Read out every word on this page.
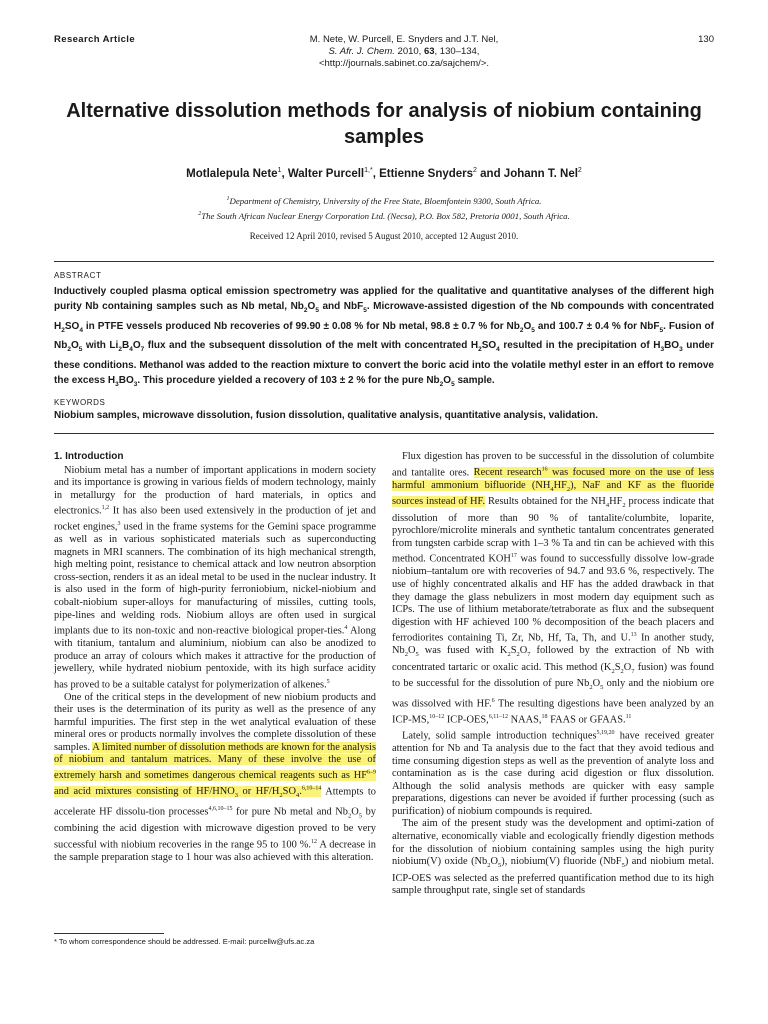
Research Article	M. Nete, W. Purcell, E. Snyders and J.T. Nel,
S. Afr. J. Chem. 2010, 63, 130–134,
<http://journals.sabinet.co.za/sajchem/>.
130
Alternative dissolution methods for analysis of niobium containing samples
Motlalepula Nete$^1$, Walter Purcell$^{1,*}$, Ettienne Snyders$^2$ and Johann T. Nel$^2$
$^1$Department of Chemistry, University of the Free State, Bloemfontein 9300, South Africa.
$^2$The South African Nuclear Energy Corporation Ltd. (Necsa), P.O. Box 582, Pretoria 0001, South Africa.
Received 12 April 2010, revised 5 August 2010, accepted 12 August 2010.
ABSTRACT
Inductively coupled plasma optical emission spectrometry was applied for the qualitative and quantitative analyses of the different high purity Nb containing samples such as Nb metal, $Nb_2O_5$ and NbF$_5$. Microwave-assisted digestion of the Nb compounds with concentrated $H_2SO_4$ in PTFE vessels produced Nb recoveries of 99.90 ± 0.08 % for Nb metal, 98.8 ± 0.7 % for $Nb_2O_5$ and 100.7 ± 0.4 % for NbF$_5$. Fusion of $Nb_2O_5$ with $Li_2B_4O_7$ flux and the subsequent dissolution of the melt with concentrated $H_2SO_4$ resulted in the precipitation of $H_3BO_3$ under these conditions. Methanol was added to the reaction mixture to convert the boric acid into the volatile methyl ester in an effort to remove the excess $H_3BO_3$. This procedure yielded a recovery of 103 ± 2 % for the pure $Nb_2O_5$ sample.
KEYWORDS
Niobium samples, microwave dissolution, fusion dissolution, qualitative analysis, quantitative analysis, validation.
1. Introduction

Niobium metal has a number of important applications in modern society and its importance is growing in various fields of modern technology, mainly in metallurgy for the production of hard materials, in optics and electronics.$^{1,2}$ It has also been used extensively in the production of jet and rocket engines,$^3$ used in the frame systems for the Gemini space programme as well as in various sophisticated materials such as superconducting magnets in MRI scanners. The combination of its high mechanical strength, high melting point, resistance to chemical attack and low neutron absorption cross-section, renders it as an ideal metal to be used in the nuclear industry. It is also used in the form of high-purity ferroniobium, nickel-niobium and cobalt-niobium super-alloys for manufacturing of missiles, cutting tools, pipe-lines and welding rods. Niobium alloys are often used in surgical implants due to its non-toxic and non-reactive biological proper-ties.$^4$ Along with titanium, tantalum and aluminium, niobium can also be anodized to produce an array of colours which makes it attractive for the production of jewellery, while hydrated niobium pentoxide, with its high surface acidity has proved to be a suitable catalyst for polymerization of alkenes.$^5$

One of the critical steps in the development of new niobium products and their uses is the determination of its purity as well as the presence of any harmful impurities. The first step in the wet analytical evaluation of these mineral ores or products normally involves the complete dissolution of these samples. A limited number of dissolution methods are known for the analysis of niobium and tantalum matrices. Many of these involve the use of extremely harsh and sometimes dangerous chemical reagents such as HF$^{6-9}$ and acid mixtures consisting of $HF/HNO_3$ or $HF/H_2SO_4.^{6,10-14}$ Attempts to accelerate HF dissolu-tion processes$^{4,6,10-15}$ for pure Nb metal and $Nb_2O_5$ by combining the acid digestion with microwave digestion proved to be very successful with niobium recoveries in the range 95 to 100 %.$^{12}$ A decrease in the sample preparation stage to 1 hour was also achieved with this alteration.

Flux digestion has proven to be successful in the dissolution of columbite and tantalite ores. Recent research$^{16}$ was focused more on the use of less harmful ammonium bifluoride $(NH_4HF_2)$, NaF and KF as the fluoride sources instead of HF. Results obtained for the $NH_4HF_2$ process indicate that dissolution of more than 90 % of tantalite/columbite, loparite, pyrochlore/microlite minerals and synthetic tantalum concentrates generated from tungsten carbide scrap with 1–3 % Ta and tin can be achieved with this method. Concentrated KOH$^{17}$ was found to successfully dissolve low-grade niobium–tantalum ore with recoveries of 94.7 and 93.6 %, respectively. The use of highly concentrated alkalis and HF has the added drawback in that they damage the glass nebulizers in most modern day equipment such as ICPs. The use of lithium metaborate/tetraborate as flux and the subsequent digestion with HF achieved 100 % decomposition of the beach placers and ferrodiorites containing Ti, Zr, Nb, Hf, Ta, Th, and U.$^{13}$ In another study, $Nb_2O_5$ was fused with $K_2S_2O_7$ followed by the extraction of Nb with concentrated tartaric or oxalic acid. This method ($K_2S_2O_7$ fusion) was found to be successful for the dissolution of pure $Nb_2O_5$ only and the niobium ore was dissolved with HF.$^6$ The resulting digestions have been analyzed by an ICP-MS,$^{10-12}$ ICP-OES,$^{6,11-12}$ NAAS,$^{18}$ FAAS or GFAAS.$^{11}$

Lately, solid sample introduction techniques$^{5,19,20}$ have received greater attention for Nb and Ta analysis due to the fact that they avoid tedious and time consuming digestion steps as well as the prevention of analyte loss and contamination as is the case during acid digestion or flux dissolution. Although the solid analysis methods are quicker with easy sample preparations, digestions can never be avoided if further processing (such as purification) of niobium compounds is required.

The aim of the present study was the development and optimi-zation of alternative, economically viable and ecologically friendly digestion methods for the dissolution of niobium containing samples using the high purity niobium(V) oxide $(Nb_2O_5)$, niobium(V) fluoride (NbF$_5$) and niobium metal. ICP-OES was selected as the preferred quantification method due to its high sample throughput rate, single set of standards

* To whom correspondence should be addressed. E-mail: purcellw@ufs.ac.za
